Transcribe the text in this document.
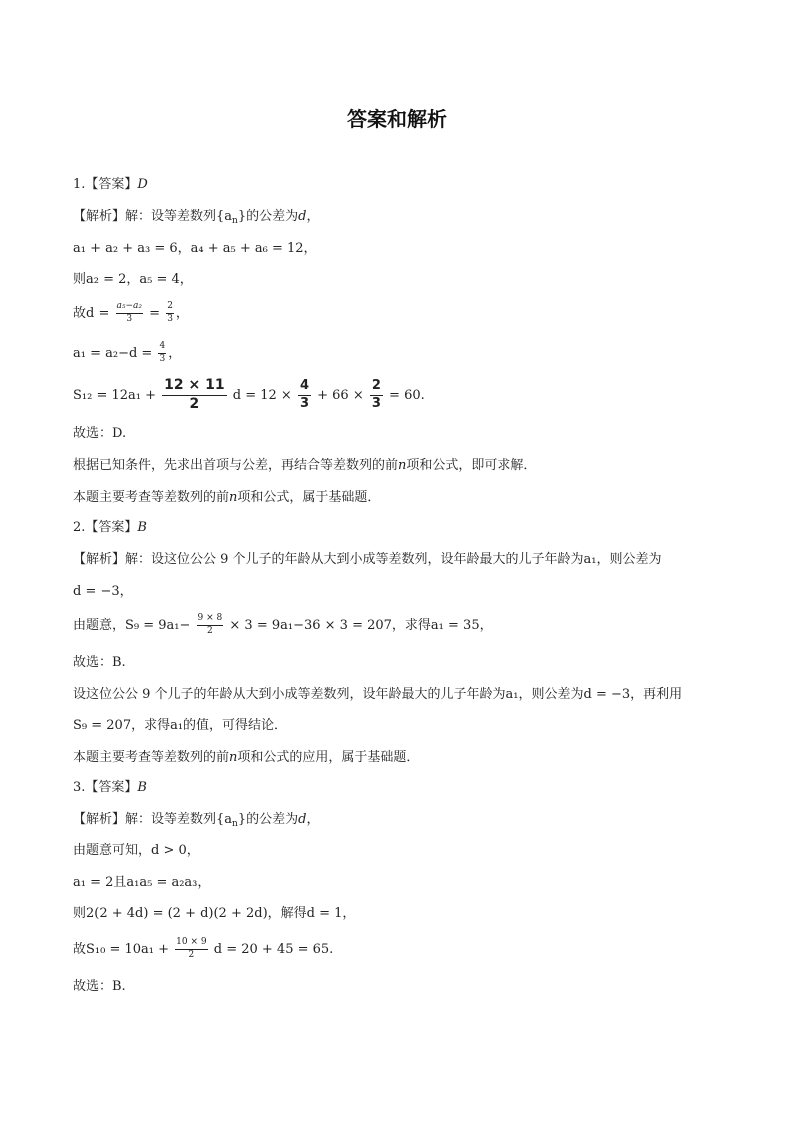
答案和解析
1.【答案】D
【解析】解：设等差数列$\{a_n\}$的公差为d，
a₁ + a₂ + a₃ = 6，a₄ + a₅ + a₆ = 12，
则a₂ = 2，a₅ = 4，
故$d = \frac{\text{a₅−a₂}}{3} = \frac{2}{3}$ ，
$a_1 = a_2-d = \frac{4}{3}$ ，
$S_{12} = 12a_1 + \frac{12 \times 11}{2}$ $d = 12 \times \frac{4}{3} + 66 \times \frac{2}{3} = 60$.
故选：D.
根据已知条件，先求出首项与公差，再结合等差数列的前n项和公式，即可求解．
本题主要考查等差数列的前n项和公式，属于基础题．
2.【答案】B
【解析】解：设这位公公 9 个儿子的年龄从大到小成等差数列，设年龄最大的儿子年龄为a₁，则公差为
d = −3，
由题意，$S_9 = 9a_1- \frac{9 \times 8}{2} \times 3 = 9a_1-36 \times 3 = 207$，求得a₁ = 35，
故选：B.
设这位公公 9 个儿子的年龄从大到小成等差数列，设年龄最大的儿子年龄为a₁，则公差为d = −3，再利用
S₉ = 207，求得a₁的值，可得结论．
本题主要考查等差数列的前n项和公式的应用，属于基础题．
3.【答案】B
【解析】解：设等差数列$\{a_n\}$的公差为d，
由题意可知，d > 0，
a₁ = 2且a₁a₅ = a₂a₃，
则2(2 + 4d) = (2 + d)(2 + 2d)，解得d = 1，
故$S_{10} = 10a_1 + \frac{10 \times 9}{2}$ d = 20 + 45 = 65.
故选：B.
